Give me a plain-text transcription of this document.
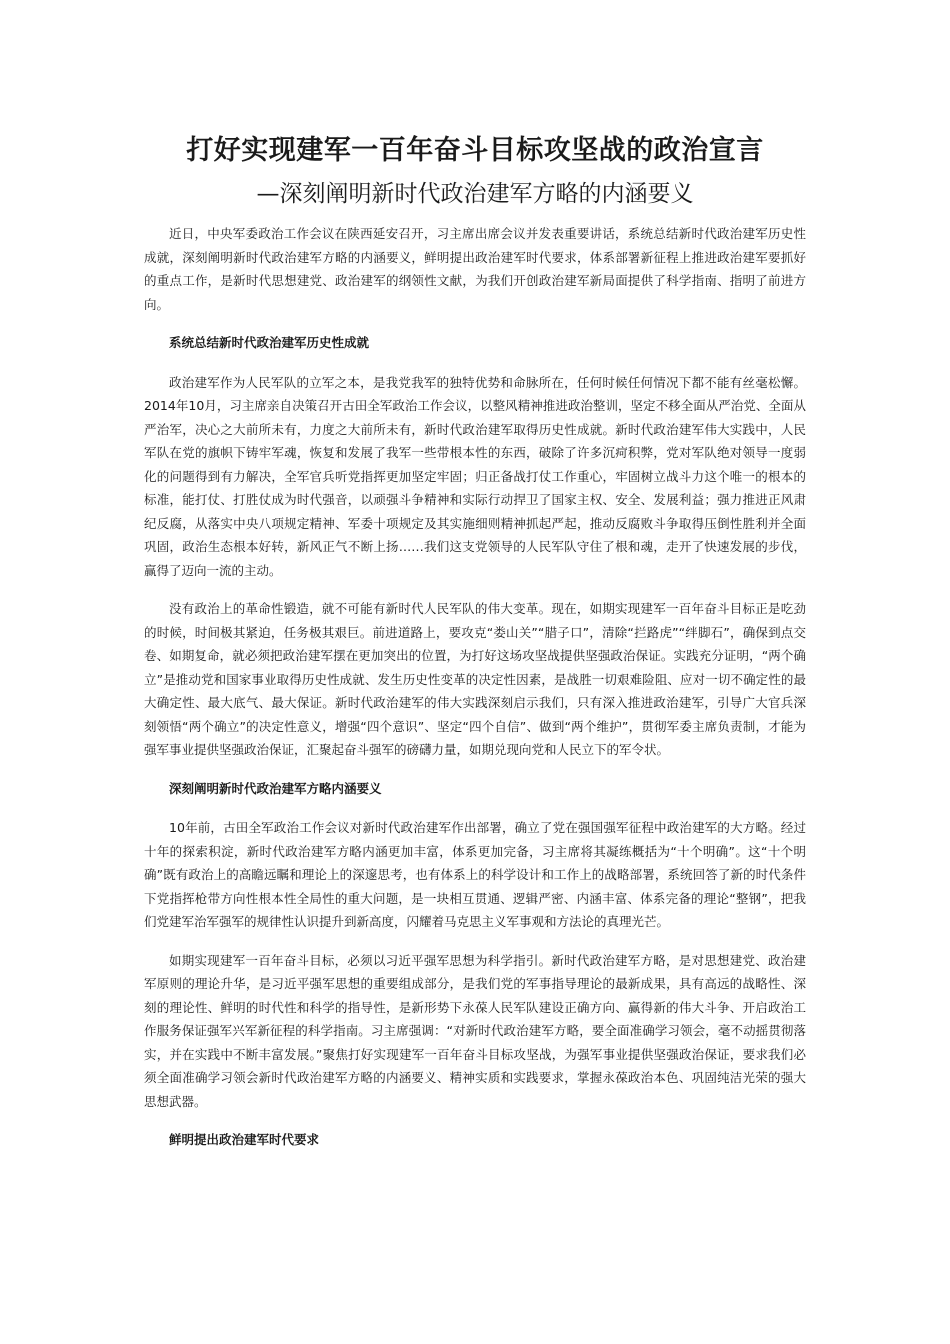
打好实现建军一百年奋斗目标攻坚战的政治宣言
—深刻阐明新时代政治建军方略的内涵要义

近日，中央军委政治工作会议在陕西延安召开，习主席出席会议并发表重要讲话，系统总结新时代政治建军历史性成就，深刻阐明新时代政治建军方略的内涵要义，鲜明提出政治建军时代要求，体系部署新征程上推进政治建军要抓好的重点工作，是新时代思想建党、政治建军的纲领性文献，为我们开创政治建军新局面提供了科学指南、指明了前进方向。

系统总结新时代政治建军历史性成就

政治建军作为人民军队的立军之本，是我党我军的独特优势和命脉所在，任何时候任何情况下都不能有丝毫松懈。2014年10月，习主席亲自决策召开古田全军政治工作会议，以整风精神推进政治整训，坚定不移全面从严治党、全面从严治军，决心之大前所未有，力度之大前所未有，新时代政治建军取得历史性成就。新时代政治建军伟大实践中，人民军队在党的旗帜下铸牢军魂，恢复和发展了我军一些带根本性的东西，破除了许多沉疴积弊，党对军队绝对领导一度弱化的问题得到有力解决，全军官兵听党指挥更加坚定牢固；归正备战打仗工作重心，牢固树立战斗力这个唯一的根本的标准，能打仗、打胜仗成为时代强音，以顽强斗争精神和实际行动捍卫了国家主权、安全、发展利益；强力推进正风肃纪反腐，从落实中央八项规定精神、军委十项规定及其实施细则精神抓起严起，推动反腐败斗争取得压倒性胜利并全面巩固，政治生态根本好转，新风正气不断上扬……我们这支党领导的人民军队守住了根和魂，走开了快速发展的步伐，赢得了迈向一流的主动。

没有政治上的革命性锻造，就不可能有新时代人民军队的伟大变革。现在，如期实现建军一百年奋斗目标正是吃劲的时候，时间极其紧迫，任务极其艰巨。前进道路上，要攻克“娄山关”“腊子口”，清除“拦路虎”“绊脚石”，确保到点交卷、如期复命，就必须把政治建军摆在更加突出的位置，为打好这场攻坚战提供坚强政治保证。实践充分证明，“两个确立”是推动党和国家事业取得历史性成就、发生历史性变革的决定性因素，是战胜一切艰难险阻、应对一切不确定性的最大确定性、最大底气、最大保证。新时代政治建军的伟大实践深刻启示我们，只有深入推进政治建军，引导广大官兵深刻领悟“两个确立”的决定性意义，增强“四个意识”、坚定“四个自信”、做到“两个维护”，贯彻军委主席负责制，才能为强军事业提供坚强政治保证，汇聚起奋斗强军的磅礴力量，如期兑现向党和人民立下的军令状。

深刻阐明新时代政治建军方略内涵要义

10年前，古田全军政治工作会议对新时代政治建军作出部署，确立了党在强国强军征程中政治建军的大方略。经过十年的探索积淀，新时代政治建军方略内涵更加丰富，体系更加完备，习主席将其凝练概括为“十个明确”。这“十个明确”既有政治上的高瞻远瞩和理论上的深邃思考，也有体系上的科学设计和工作上的战略部署，系统回答了新的时代条件下党指挥枪带方向性根本性全局性的重大问题，是一块相互贯通、逻辑严密、内涵丰富、体系完备的理论“整钢”，把我们党建军治军强军的规律性认识提升到新高度，闪耀着马克思主义军事观和方法论的真理光芒。

如期实现建军一百年奋斗目标，必须以习近平强军思想为科学指引。新时代政治建军方略，是对思想建党、政治建军原则的理论升华，是习近平强军思想的重要组成部分，是我们党的军事指导理论的最新成果，具有高远的战略性、深刻的理论性、鲜明的时代性和科学的指导性，是新形势下永葆人民军队建设正确方向、赢得新的伟大斗争、开启政治工作服务保证强军兴军新征程的科学指南。习主席强调：“对新时代政治建军方略，要全面准确学习领会，毫不动摇贯彻落实，并在实践中不断丰富发展。”聚焦打好实现建军一百年奋斗目标攻坚战，为强军事业提供坚强政治保证，要求我们必须全面准确学习领会新时代政治建军方略的内涵要义、精神实质和实践要求，掌握永葆政治本色、巩固纯洁光荣的强大思想武器。

鲜明提出政治建军时代要求
